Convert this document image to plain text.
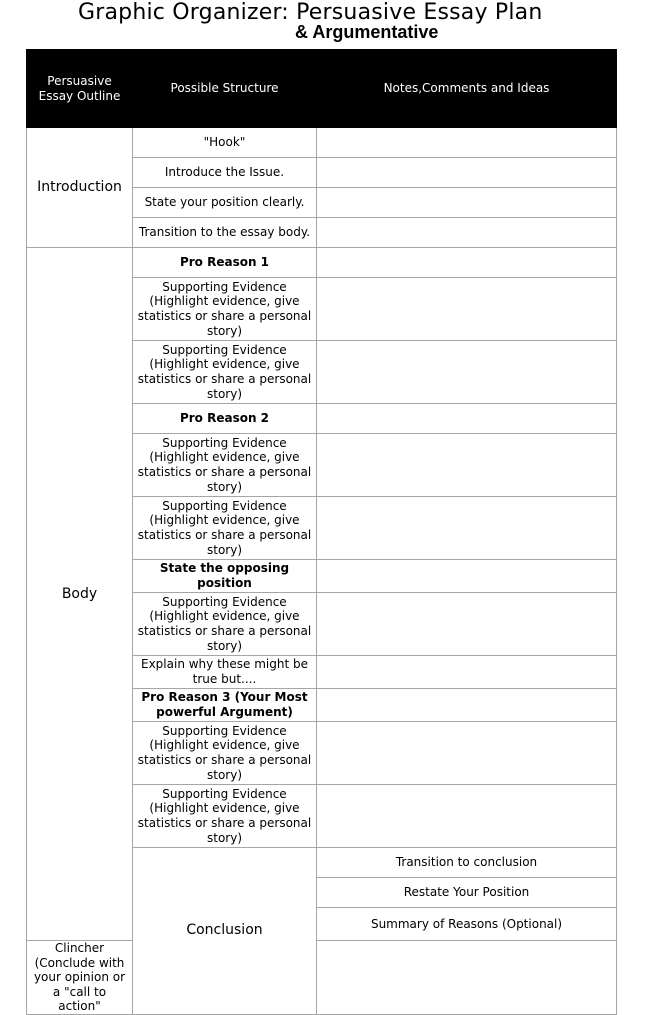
Graphic Organizer: Persuasive Essay Plan
& Argumentative
Persuasive Essay Outline	Possible Structure	Notes,Comments and Ideas	
Introduction	"Hook"		
	Introduce the Issue.		
	State your position clearly.		
	Transition to the essay body.		
Body	Pro Reason 1		
	Supporting Evidence (Highlight evidence, give statistics or share a personal story)		
	Supporting Evidence (Highlight evidence, give statistics or share a personal story)		
	Pro Reason 2		
	Supporting Evidence (Highlight evidence, give statistics or share a personal story)		
	Supporting Evidence (Highlight evidence, give statistics or share a personal story)		
	State the opposing position		
	Supporting Evidence (Highlight evidence, give statistics or share a personal story)		
	Explain why these might be true but....		
	Pro Reason 3 (Your Most powerful Argument)		
	Supporting Evidence (Highlight evidence, give statistics or share a personal story)		
	Supporting Evidence (Highlight evidence, give statistics or share a personal story)		
	Conclusion	Transition to conclusion	
		Restate Your Position	
		Summary of Reasons (Optional)	
Clincher (Conclude with your opinion or a "call to action"			
